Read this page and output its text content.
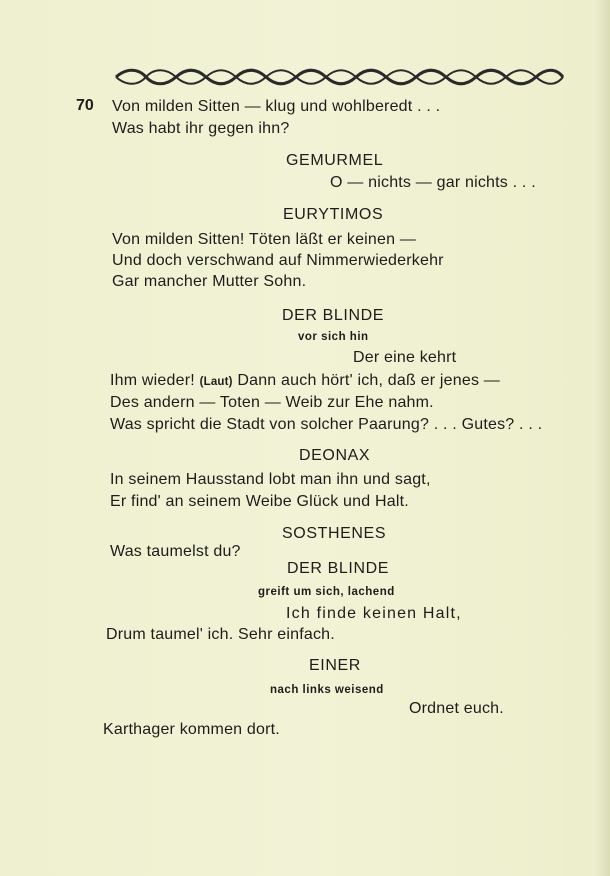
70 Von milden Sitten — klug und wohlberedt . . .
Was habt ihr gegen ihn?
GEMURMEL
O — nichts — gar nichts . . .
EURYTIMOS
Von milden Sitten! Töten läßt er keinen —
Und doch verschwand auf Nimmerwiederkehr
Gar mancher Mutter Sohn.
DER BLINDE
vor sich hin
Der eine kehrt
Ihm wieder! (Laut) Dann auch hört' ich, daß er jenes —
Des andern — Toten — Weib zur Ehe nahm.
Was spricht die Stadt von solcher Paarung? . . . Gutes? . . .
DEONAX
In seinem Hausstand lobt man ihn und sagt,
Er find' an seinem Weibe Glück und Halt.
SOSTHENES
Was taumelst du?
DER BLINDE
greift um sich, lachend
Ich finde keinen Halt,
Drum taumel' ich. Sehr einfach.
EINER
nach links weisend
Ordnet euch.
Karthager kommen dort.
